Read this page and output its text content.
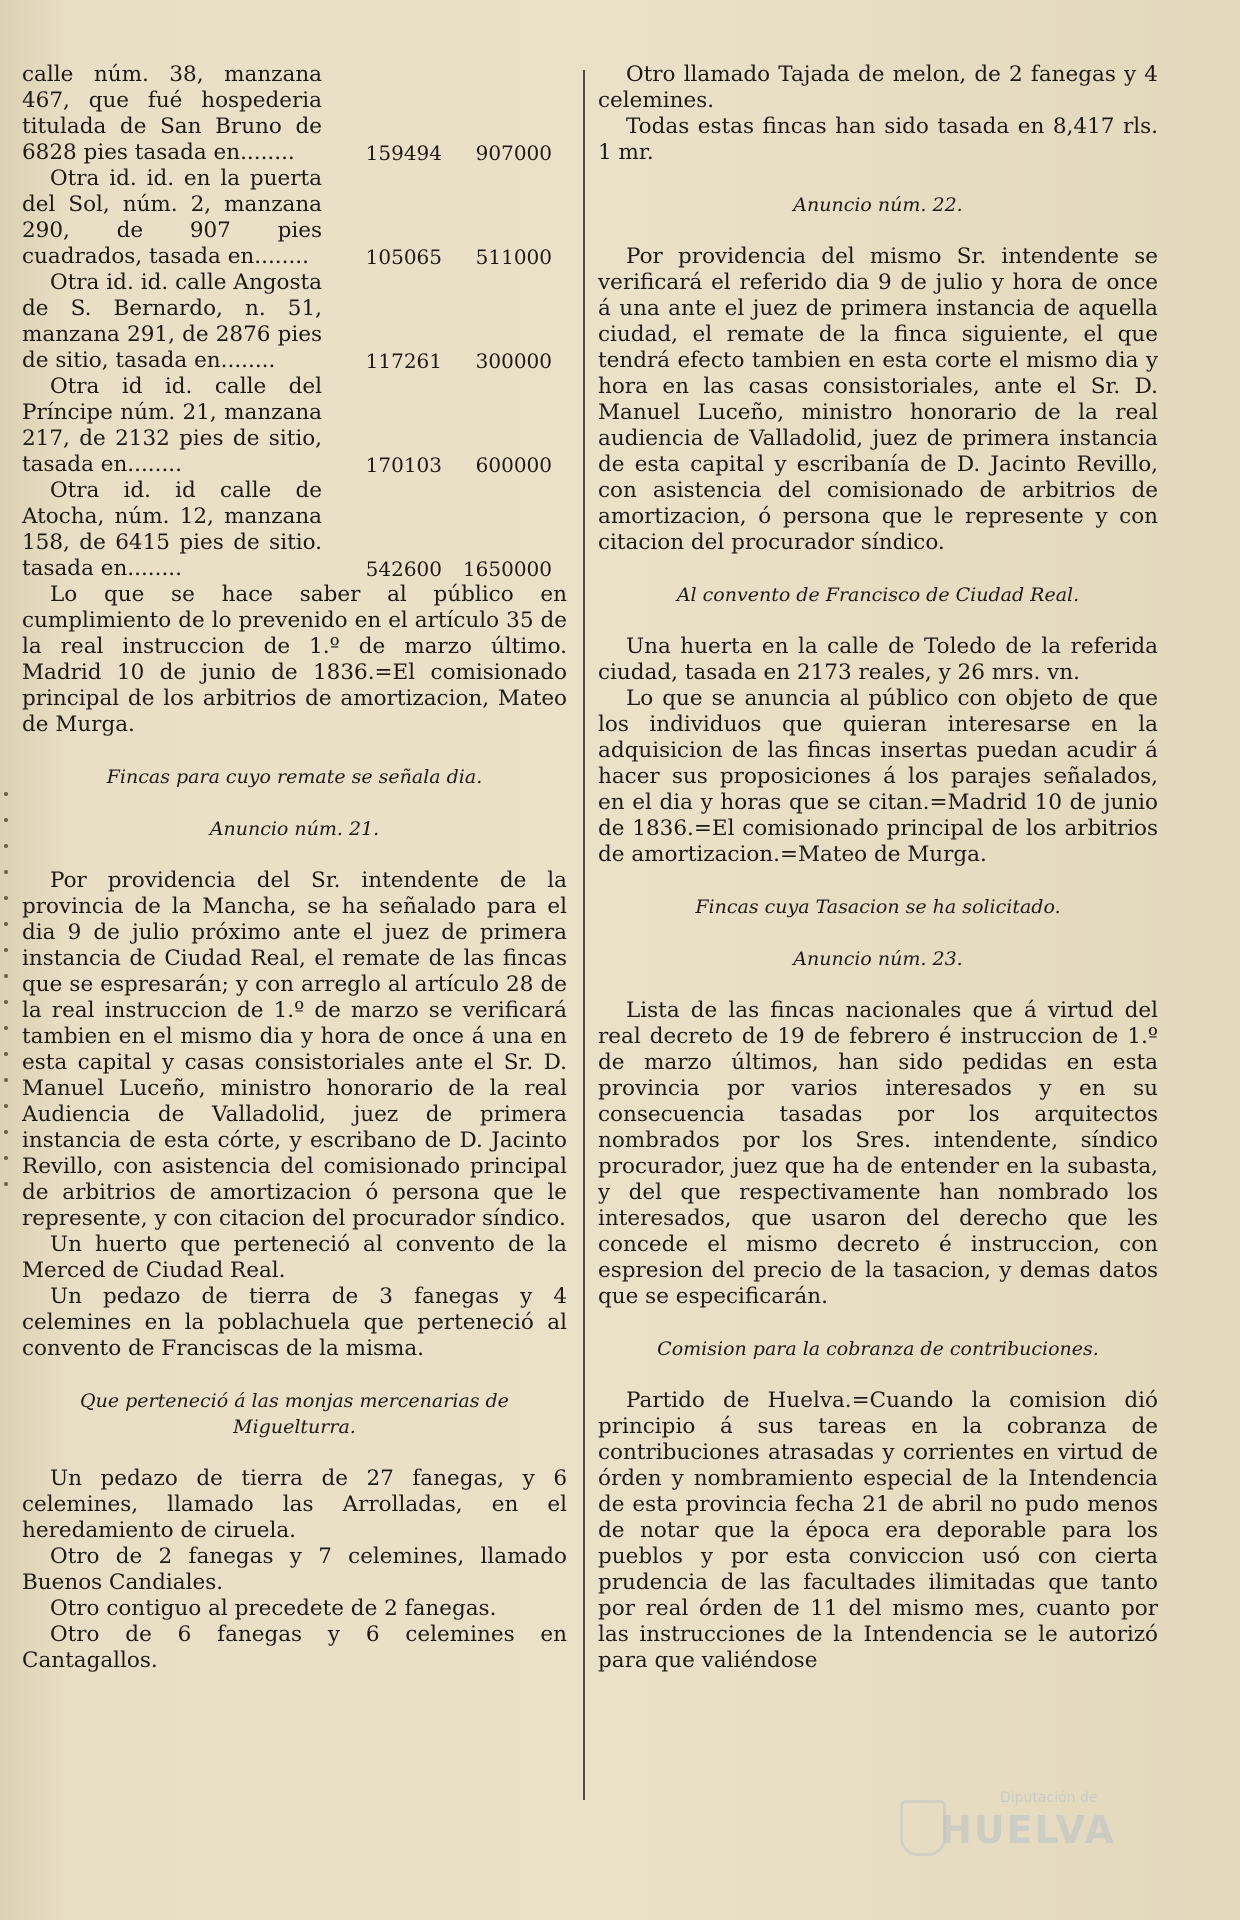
calle núm. 38, manzana 467, que fué hospederia titulada de San Bruno de 6828 pies tasada en........	159494	907000
Otra id. id. en la puerta del Sol, núm. 2, manzana 290, de 907 pies cuadrados, tasada en........	105065	511000
Otra id. id. calle Angosta de S. Bernardo, n. 51, manzana 291, de 2876 pies de sitio, tasada en........	117261	300000
Otra id id. calle del Príncipe núm. 21, manzana 217, de 2132 pies de sitio, tasada en........	170103	600000
Otra id. id calle de Atocha, núm. 12, manzana 158, de 6415 pies de sitio. tasada en........	542600	1650000

Lo que se hace saber al público en cumplimiento de lo prevenido en el artículo 35 de la real instruccion de 1.º de marzo último. Madrid 10 de junio de 1836.=El comisionado principal de los arbitrios de amortizacion, Mateo de Murga.

Fincas para cuyo remate se señala dia.
Anuncio núm. 21.

Por providencia del Sr. intendente de la provincia de la Mancha, se ha señalado para el dia 9 de julio próximo ante el juez de primera instancia de Ciudad Real, el remate de las fincas que se espresarán; y con arreglo al artículo 28 de la real instruccion de 1.º de marzo se verificará tambien en el mismo dia y hora de once á una en esta capital y casas consistoriales ante el Sr. D. Manuel Luceño, ministro honorario de la real Audiencia de Valladolid, juez de primera instancia de esta córte, y escribano de D. Jacinto Revillo, con asistencia del comisionado principal de arbitrios de amortizacion ó persona que le represente, y con citacion del procurador síndico.

Un huerto que perteneció al convento de la Merced de Ciudad Real.

Un pedazo de tierra de 3 fanegas y 4 celemines en la poblachuela que perteneció al convento de Franciscas de la misma.

Que perteneció á las monjas mercenarias de Miguelturra.

Un pedazo de tierra de 27 fanegas, y 6 celemines, llamado las Arrolladas, en el heredamiento de ciruela.

Otro de 2 fanegas y 7 celemines, llamado Buenos Candiales.

Otro contiguo al precedete de 2 fanegas.

Otro de 6 fanegas y 6 celemines en Cantagallos.

Otro llamado Tajada de melon, de 2 fanegas y 4 celemines.

Todas estas fincas han sido tasada en 8,417 rls. 1 mr.

Anuncio núm. 22.

Por providencia del mismo Sr. intendente se verificará el referido dia 9 de julio y hora de once á una ante el juez de primera instancia de aquella ciudad, el remate de la finca siguiente, el que tendrá efecto tambien en esta corte el mismo dia y hora en las casas consistoriales, ante el Sr. D. Manuel Luceño, ministro honorario de la real audiencia de Valladolid, juez de primera instancia de esta capital y escribanía de D. Jacinto Revillo, con asistencia del comisionado de arbitrios de amortizacion, ó persona que le represente y con citacion del procurador síndico.

Al convento de Francisco de Ciudad Real.

Una huerta en la calle de Toledo de la referida ciudad, tasada en 2173 reales, y 26 mrs. vn.

Lo que se anuncia al público con objeto de que los individuos que quieran interesarse en la adquisicion de las fincas insertas puedan acudir á hacer sus proposiciones á los parajes señalados, en el dia y horas que se citan.=Madrid 10 de junio de 1836.=El comisionado principal de los arbitrios de amortizacion.=Mateo de Murga.

Fincas cuya Tasacion se ha solicitado.
Anuncio núm. 23.

Lista de las fincas nacionales que á virtud del real decreto de 19 de febrero é instruccion de 1.º de marzo últimos, han sido pedidas en esta provincia por varios interesados y en su consecuencia tasadas por los arquitectos nombrados por los Sres. intendente, síndico procurador, juez que ha de entender en la subasta, y del que respectivamente han nombrado los interesados, que usaron del derecho que les concede el mismo decreto é instruccion, con espresion del precio de la tasacion, y demas datos que se especificarán.

Comision para la cobranza de contribuciones.

Partido de Huelva.=Cuando la comision dió principio á sus tareas en la cobranza de contribuciones atrasadas y corrientes en virtud de órden y nombramiento especial de la Intendencia de esta provincia fecha 21 de abril no pudo menos de notar que la época era deporable para los pueblos y por esta conviccion usó con cierta prudencia de las facultades ilimitadas que tanto por real órden de 11 del mismo mes, cuanto por las instrucciones de la Intendencia se le autorizó para que valiéndose

Diputación de
HUELVA
